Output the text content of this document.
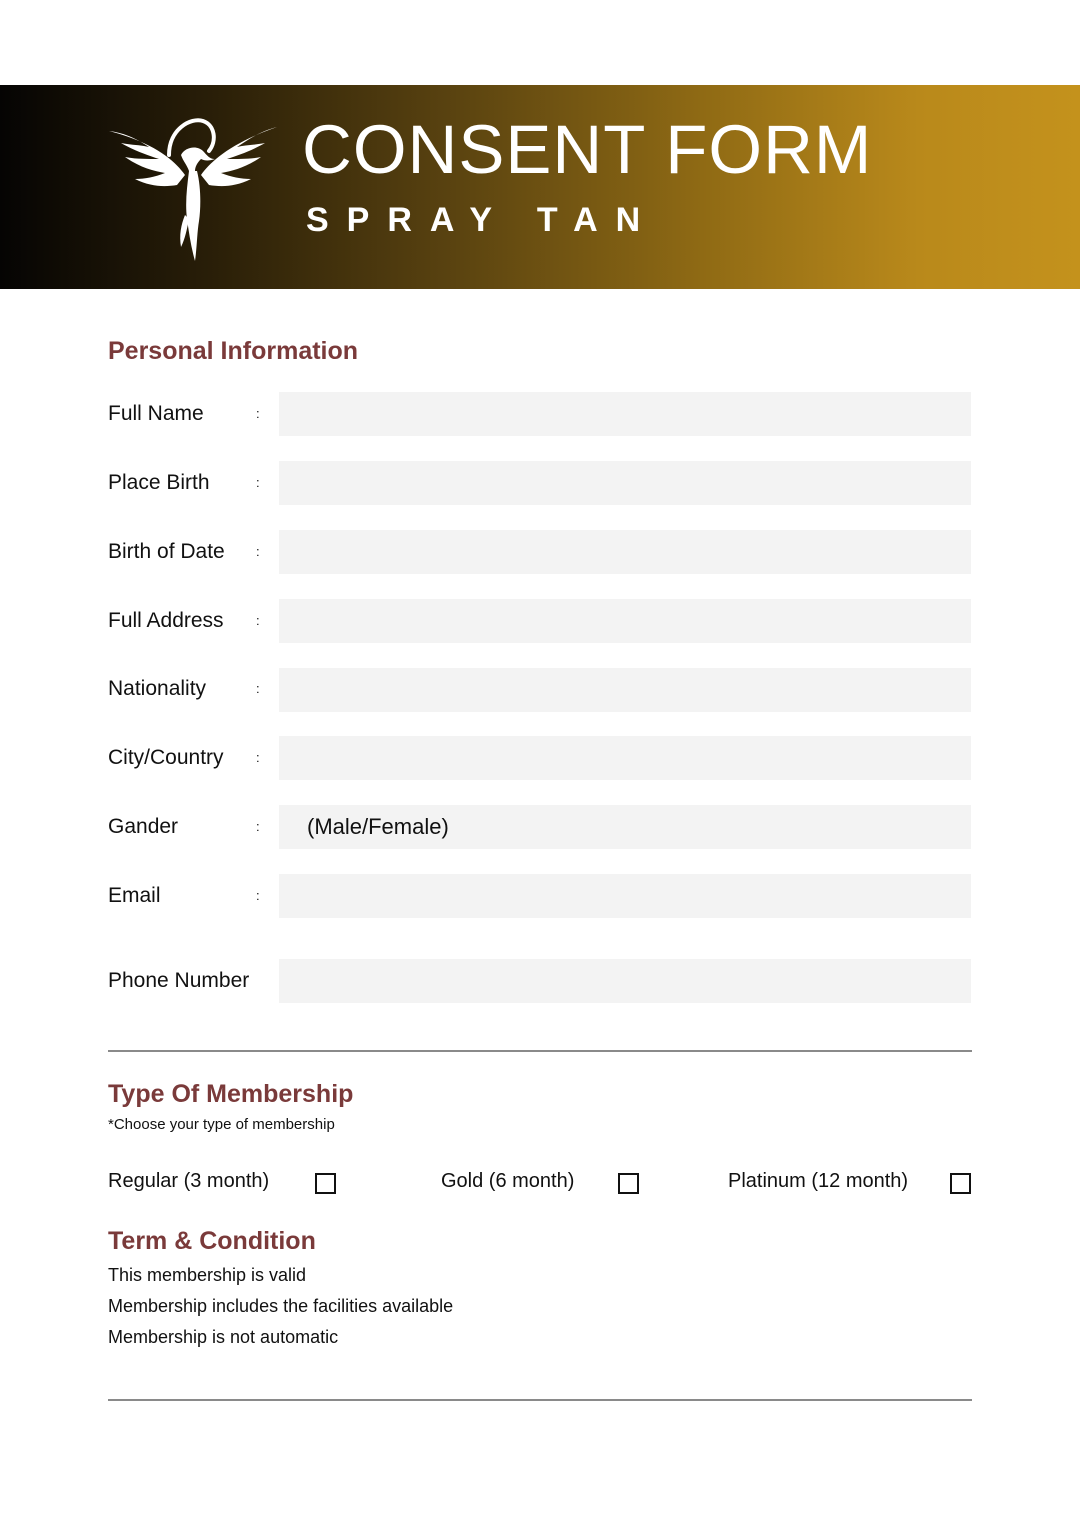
CONSENT FORM
SPRAY TAN
Personal Information
Full Name	:
Place Birth	:
Birth of Date :
Full Address :
Nationality	:
City/Country :
Gander	:	(Male/Female)
Email	:
Phone Number
Type Of Membership
*Choose your type of membership
Regular (3 month)	Gold (6 month)	Platinum (12 month)
Term & Condition
This membership is valid
Membership includes the facilities available
Membership is not automatic
